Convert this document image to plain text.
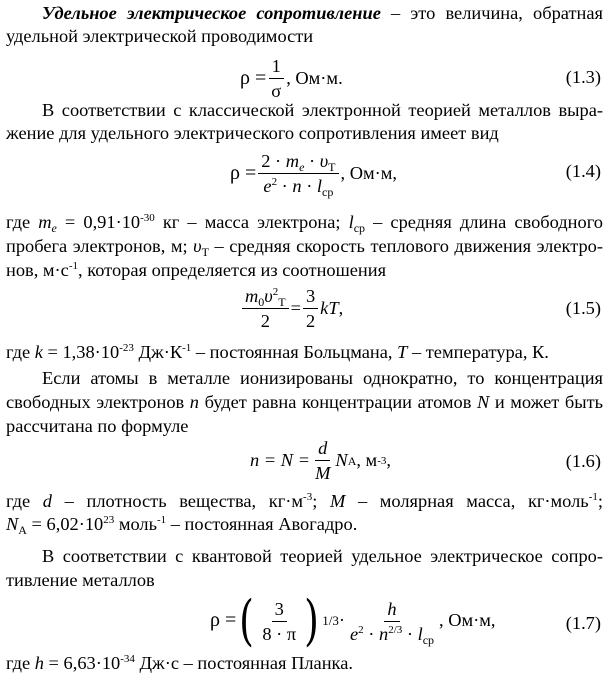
Удельное электрическое сопротивление – это величина, обратная
удельной электрической проводимости
$\rho = \frac{1}{\sigma}$ , Ом·м.	(1.3)
В соответствии с классической электронной теорией металлов выра-
жение для удельного электрического сопротивления имеет вид
$\rho = \frac{2 \cdot m_e \cdot \upsilon_T}{e^2 \cdot n \cdot l_{cp}}$ , Ом·м,	(1.4)
где $m_e = 0,91\cdot 10^{-30}$ кг – масса электрона; $l_{ср}$ – средняя длина свободного
пробега электронов, м; $\upsilon_Т$ – средняя скорость теплового движения электро-
нов, $м\cdot с^{-1}$, которая определяется из соотношения
$\frac{m_0\upsilon^2_T}{2} = \frac{3}{2}$ kT ,	(1.5)
где $k = 1,38\cdot 10^{-23}$ $Дж\cdot К^{-1}$ – постоянная Больцмана, T – температура, К.
Если атомы в металле ионизированы однократно, то концентрация
свободных электронов n будет равна концентрации атомов N и может быть
рассчитана по формуле
$n = N = \frac{d}{M}$ N A , м -3 ,	(1.6)
где d – плотность вещества, $кг\cdot м^{-3}$; M – молярная масса, кг·моль$^{-1}$;
$N_A = 6,02\cdot 10^{23}$ моль$^{-1}$ – постоянная Авогадро.
В соответствии с квантовой теорией удельное электрическое сопро-
тивление металлов
ρ = ( $\frac{3}{8 \cdot \pi}$ ) $1/3 \cdot \frac{h}{e^2 \cdot n^{2/3} \cdot l_{cp}}$ , Ом·м,	(1.7)
где $h = 6,63\cdot 10^{-34}$ Дж·с – постоянная Планка.
